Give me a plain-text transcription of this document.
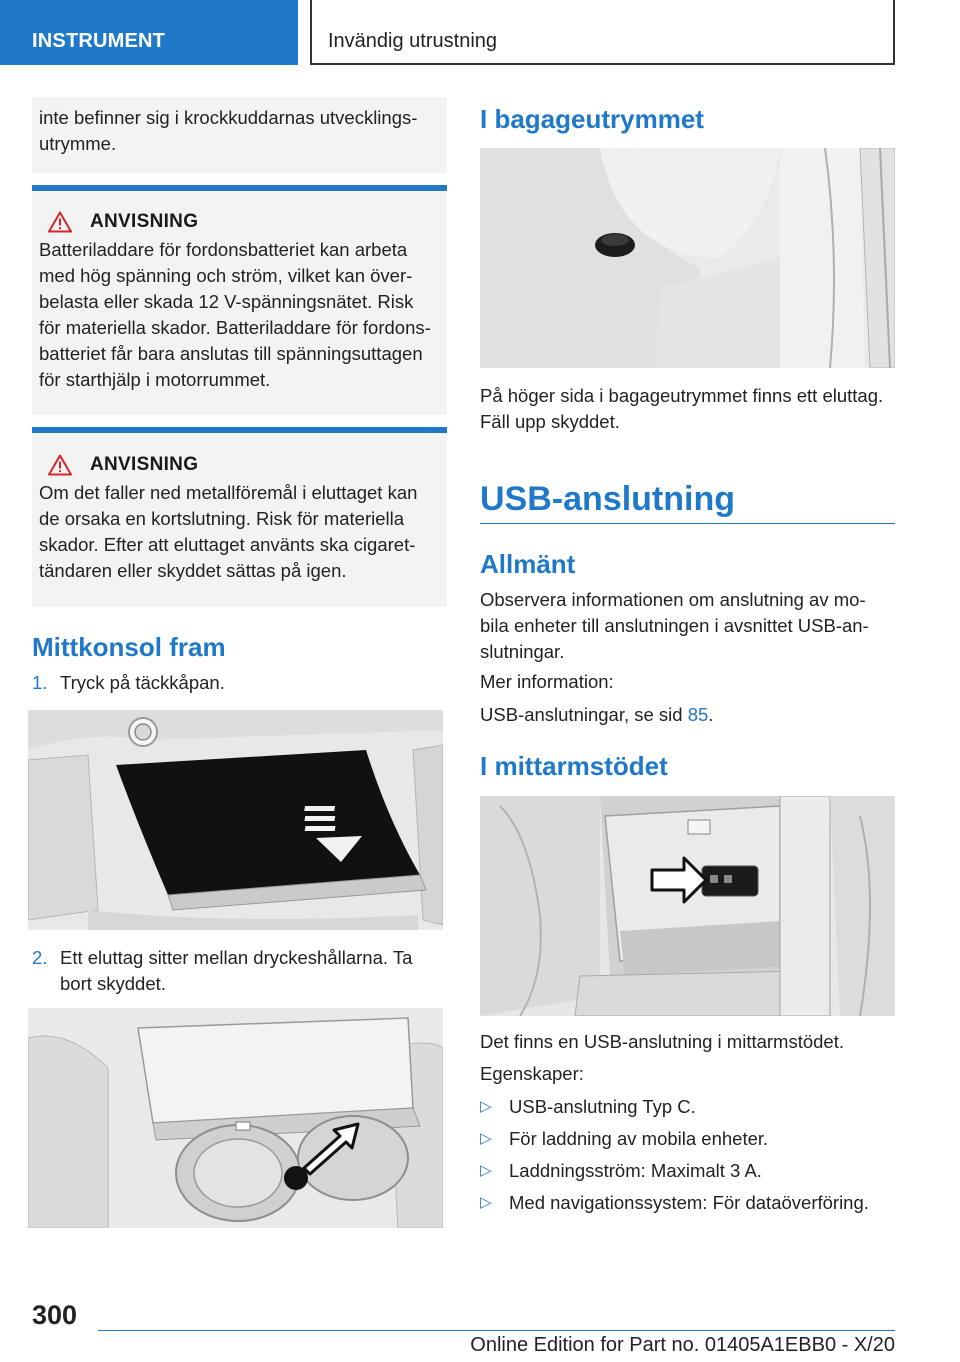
INSTRUMENT	Invändig utrustning
inte befinner sig i krockkuddarnas utvecklings-
utrymme.
ANVISNING
Batteriladdare för fordonsbatteriet kan arbeta
med hög spänning och ström, vilket kan över-
belasta eller skada 12 V-spänningsnätet. Risk
för materiella skador. Batteriladdare för fordons-
batteriet får bara anslutas till spänningsuttagen
för starthjälp i motorrummet.
ANVISNING
Om det faller ned metallföremål i eluttaget kan
de orsaka en kortslutning. Risk för materiella
skador. Efter att eluttaget använts ska cigaret-
tändaren eller skyddet sättas på igen.
Mittkonsol fram
1. Tryck på täckkåpan.
2. Ett eluttag sitter mellan dryckeshållarna. Ta
bort skyddet.
I bagageutrymmet
På höger sida i bagageutrymmet finns ett eluttag.
Fäll upp skyddet.
USB-anslutning
Allmänt
Observera informationen om anslutning av mo-
bila enheter till anslutningen i avsnittet USB-an-
slutningar.
Mer information:
USB-anslutningar, se sid 85.
I mittarmstödet
Det finns en USB-anslutning i mittarmstödet.
Egenskaper:
▷ USB-anslutning Typ C.
▷ För laddning av mobila enheter.
▷ Laddningsström: Maximalt 3 A.
▷ Med navigationssystem: För dataöverföring.
300
Online Edition for Part no. 01405A1EBB0 - X/20
